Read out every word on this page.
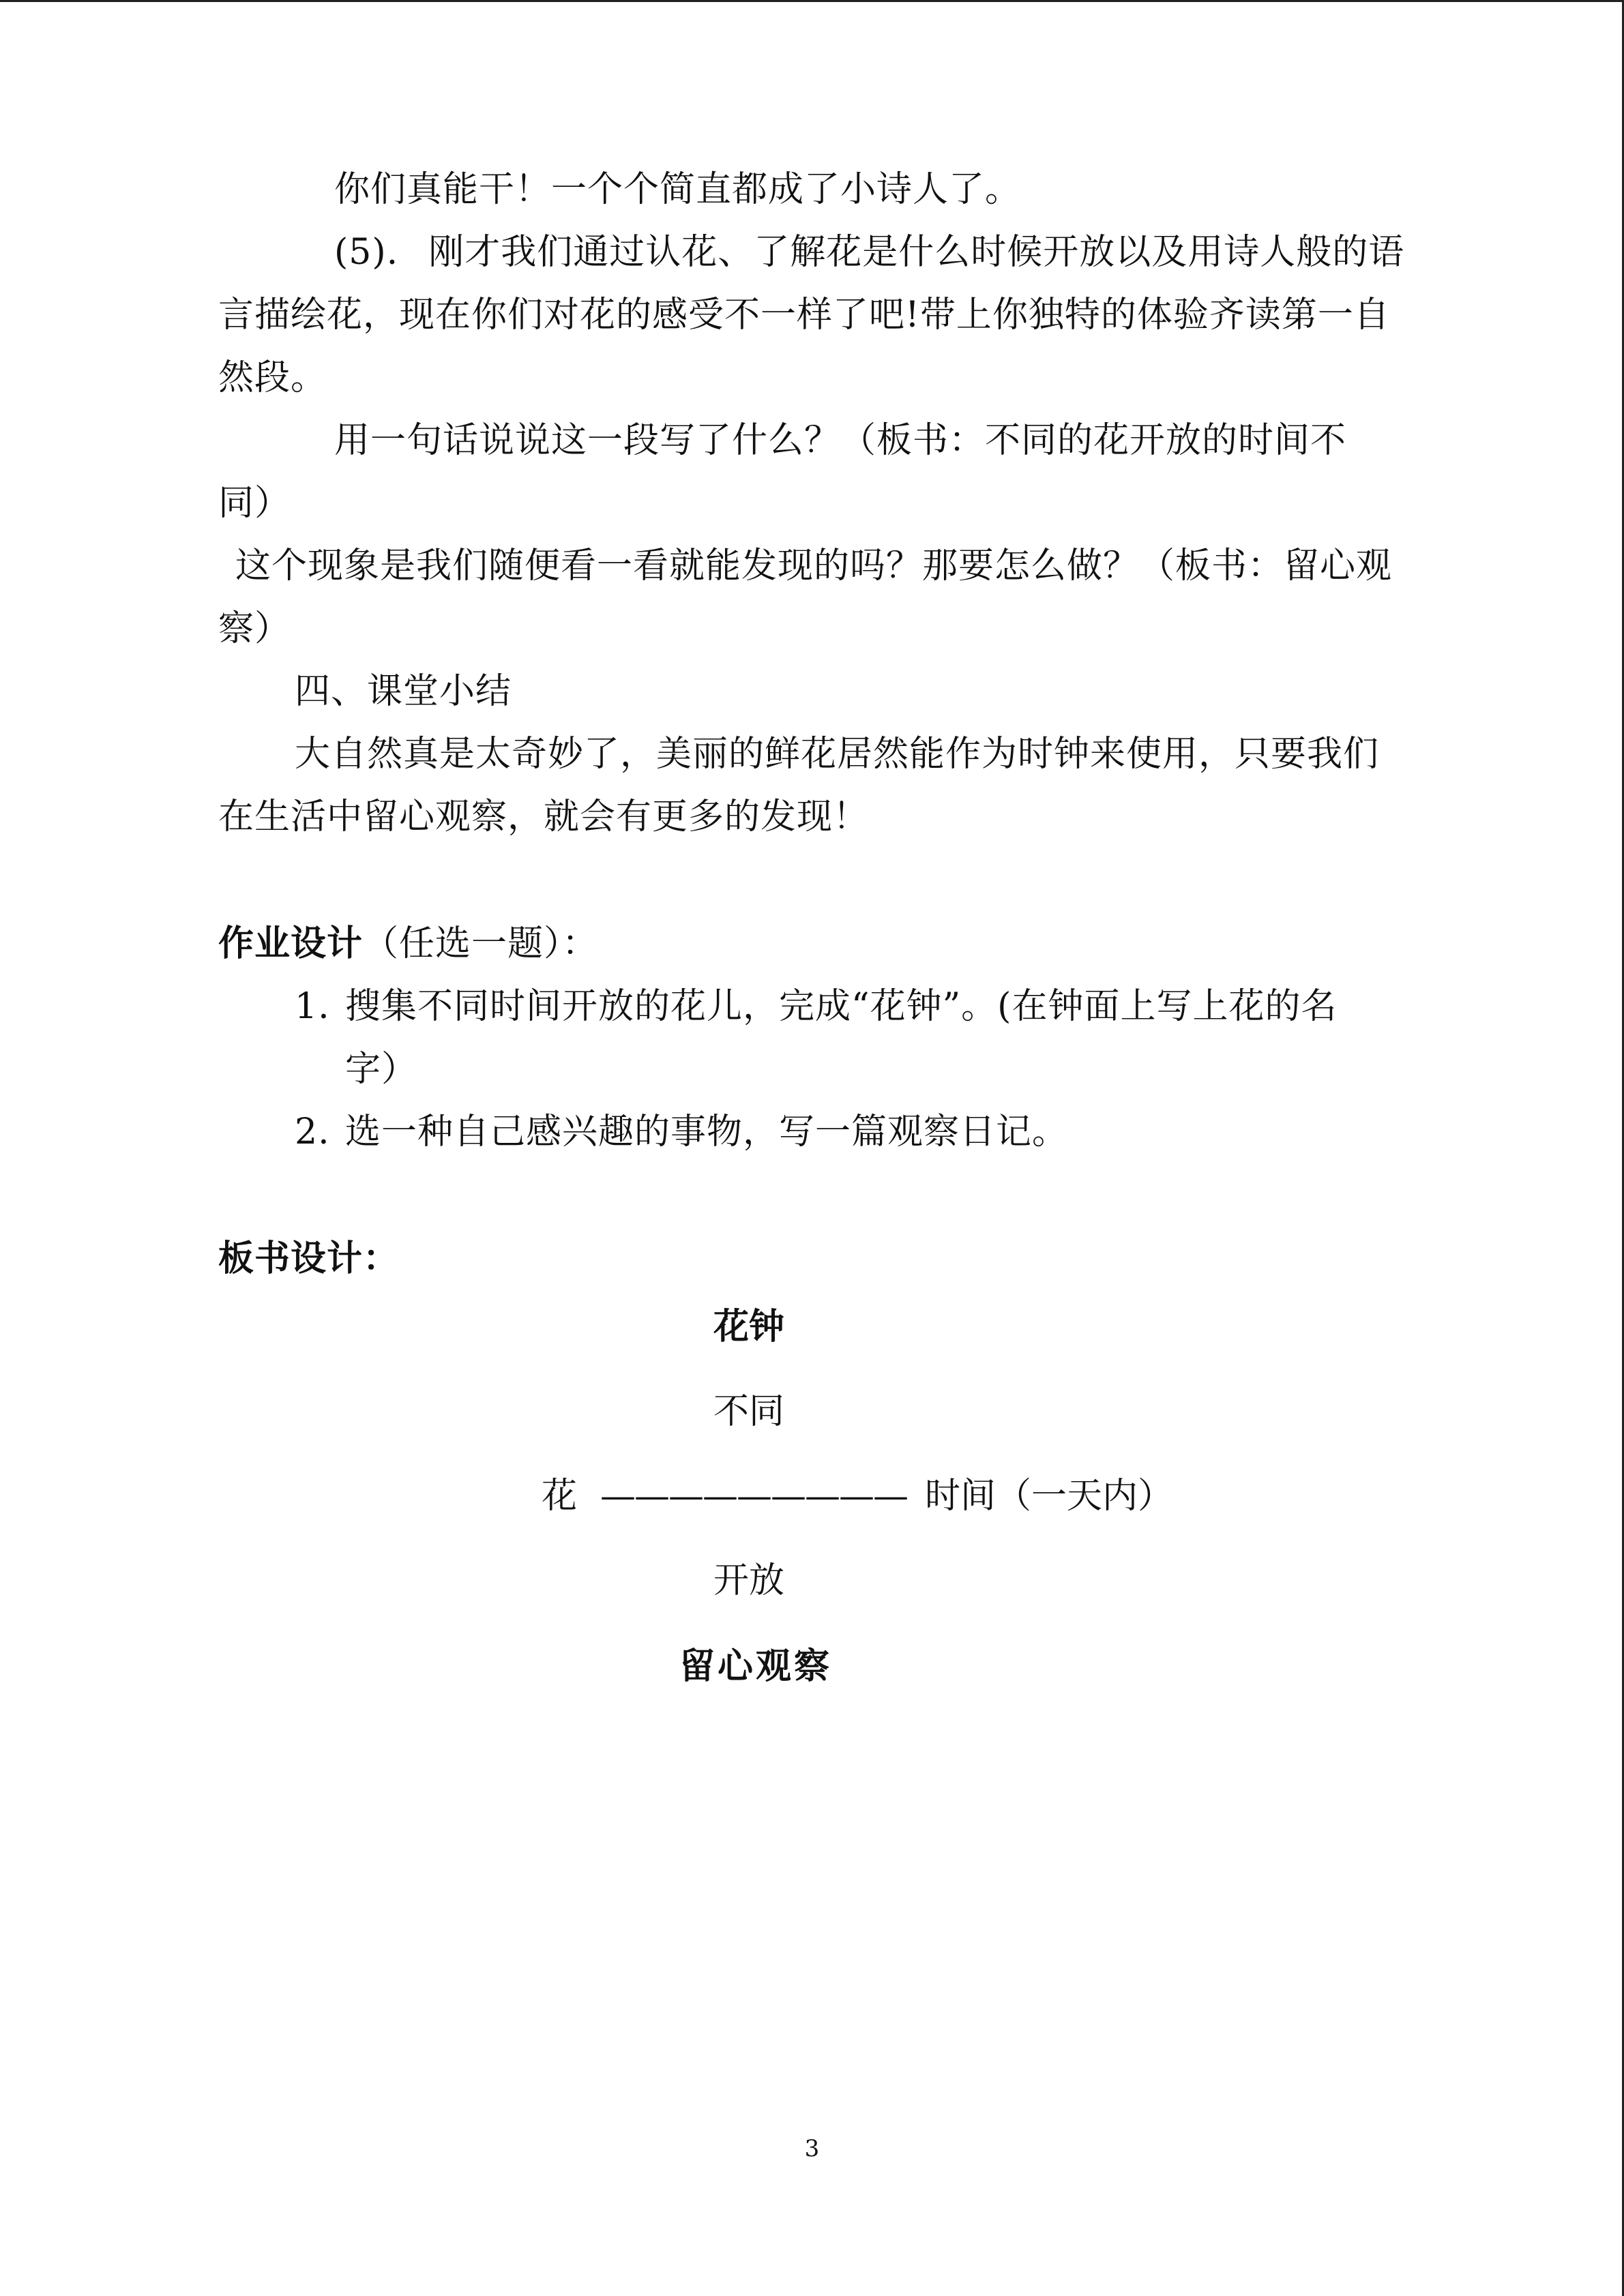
你们真能干！一个个简直都成了小诗人了。
(5). 刚才我们通过认花、了解花是什么时候开放以及用诗人般的语
言描绘花，现在你们对花的感受不一样了吧!带上你独特的体验齐读第一自
然段。
用一句话说说这一段写了什么？（板书：不同的花开放的时间不
同）
这个现象是我们随便看一看就能发现的吗？那要怎么做？（板书：留心观
察）
四、课堂小结
大自然真是太奇妙了，美丽的鲜花居然能作为时钟来使用，只要我们
在生活中留心观察，就会有更多的发现！
作业设计（任选一题）：
1. 搜集不同时间开放的花儿，完成“花钟”。(在钟面上写上花的名
字）
2. 选一种自己感兴趣的事物，写一篇观察日记。
板书设计：
花钟
不同
花 ————————— 时间（一天内）
开放
留心观察
3
